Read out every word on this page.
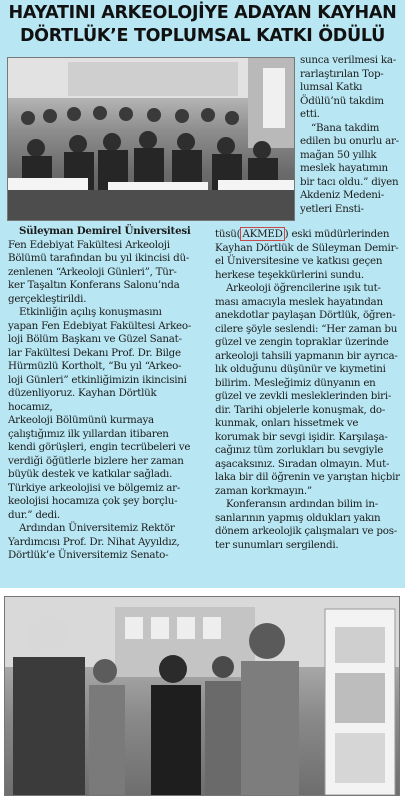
HAYATINI ARKEOLOJİYE ADAYAN KAYHAN
DÖRTLÜK’E TOPLUMSAL KATKI ÖDÜLÜ

sunca verilmesi ka-

rarlaştırılan Top-

lumsal Katkı

Ödülü’nü takdim

etti.

“Bana takdim

edilen bu onurlu ar-

mağan 50 yıllık

meslek hayatımın

bir tacı oldu.” diyen

Akdeniz Medeni-

yetleri Ensti-

Süleyman Demirel Üniversitesi

Fen Edebiyat Fakültesi Arkeoloji

Bölümü tarafından bu yıl ikincisi dü-

zenlenen “Arkeoloji Günleri”, Tür-

ker Taşaltın Konferans Salonu’nda

gerçekleştirildi.

Etkinliğin açılış konuşmasını

yapan Fen Edebiyat Fakültesi Arkeo-

loji Bölüm Başkanı ve Güzel Sanat-

lar Fakültesi Dekanı Prof. Dr. Bilge

Hürmüzlü Kortholt, “Bu yıl “Arkeo-

loji Günleri” etkinliğimizin ikincisini

düzenliyoruz. Kayhan Dörtlük hocamız,

Arkeoloji Bölümünü kurmaya

çalıştığımız ilk yıllardan itibaren

kendi görüşleri, engin tecrübeleri ve

verdiği öğütlerle bizlere her zaman

büyük destek ve katkılar sağladı.

Türkiye arkeolojisi ve bölgemiz ar-

keolojisi hocamıza çok şey borçlu-

dur.” dedi.

Ardından Üniversitemiz Rektör

Yardımcısı Prof. Dr. Nihat Ayyıldız,

Dörtlük’e Üniversitemiz Senato-

tüsü( AKMED ) eski müdürlerinden

Kayhan Dörtlük de Süleyman Demir-

el Üniversitesine ve katkısı geçen

herkese teşekkürlerini sundu.

Arkeoloji öğrencilerine ışık tut-

ması amacıyla meslek hayatından

anekdotlar paylaşan Dörtlük, öğren-

cilere şöyle seslendi: “Her zaman bu

güzel ve zengin topraklar üzerinde

arkeoloji tahsili yapmanın bir ayrıca-

lık olduğunu düşünür ve kıymetini

bilirim. Mesleğimiz dünyanın en

güzel ve zevkli mesleklerinden biri-

dir. Tarihi objelerle konuşmak, do-

kunmak, onları hissetmek ve

korumak bir sevgi işidir. Karşılaşa-

cağınız tüm zorlukları bu sevgiyle

aşacaksınız. Sıradan olmayın. Mut-

laka bir dil öğrenin ve yarıştan hiçbir

zaman korkmayın.”

Konferansın ardından bilim in-

sanlarının yapmış oldukları yakın

dönem arkeolojik çalışmaları ve pos-

ter sunumları sergilendi.
